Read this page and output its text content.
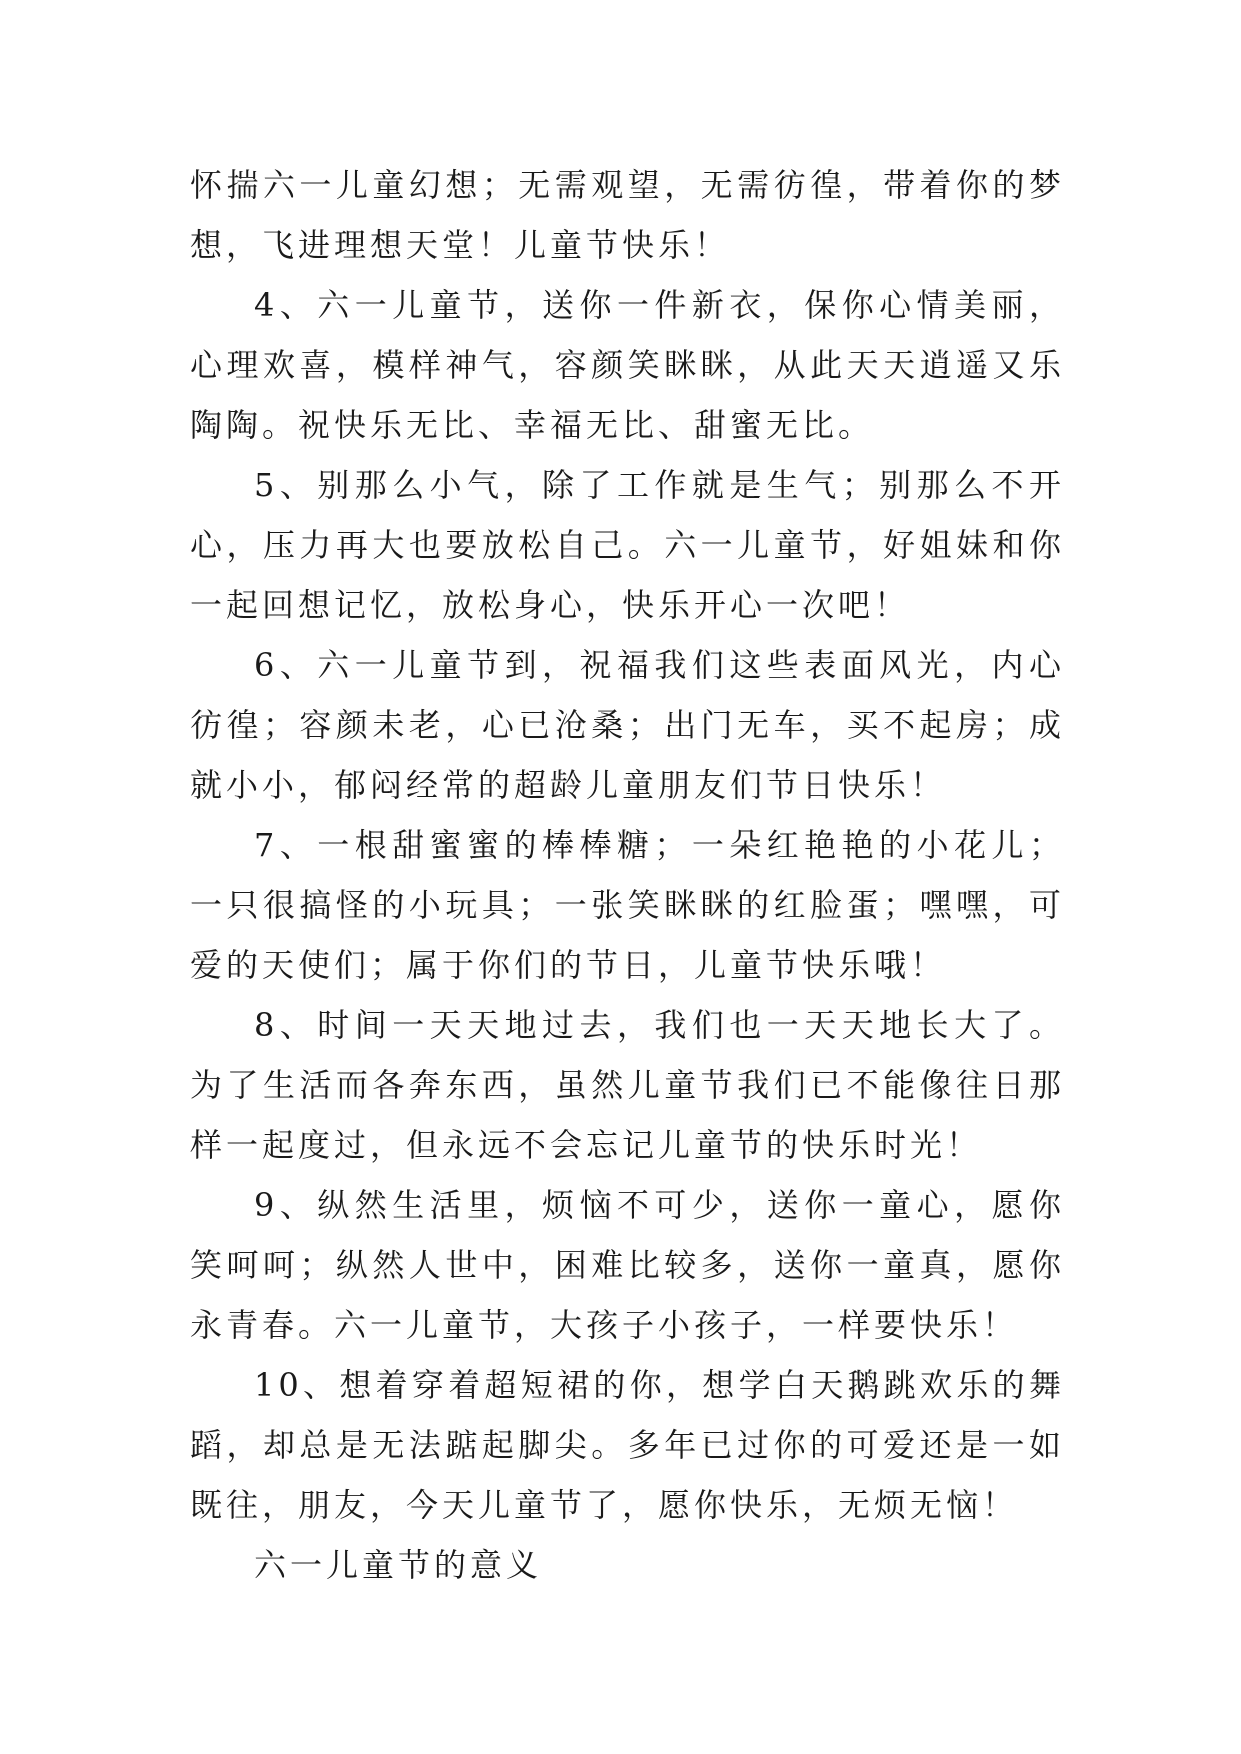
怀揣六一儿童幻想；无需观望，无需彷徨，带着你的梦想，飞进理想天堂！儿童节快乐！

4、六一儿童节，送你一件新衣，保你心情美丽，心理欢喜，模样神气，容颜笑眯眯，从此天天逍遥又乐陶陶。祝快乐无比、幸福无比、甜蜜无比。

5、别那么小气，除了工作就是生气；别那么不开心，压力再大也要放松自己。六一儿童节，好姐妹和你一起回想记忆，放松身心，快乐开心一次吧！

6、六一儿童节到，祝福我们这些表面风光，内心彷徨；容颜未老，心已沧桑；出门无车，买不起房；成就小小，郁闷经常的超龄儿童朋友们节日快乐！

7、一根甜蜜蜜的棒棒糖；一朵红艳艳的小花儿；一只很搞怪的小玩具；一张笑眯眯的红脸蛋；嘿嘿，可爱的天使们；属于你们的节日，儿童节快乐哦！

8、时间一天天地过去，我们也一天天地长大了。为了生活而各奔东西，虽然儿童节我们已不能像往日那样一起度过，但永远不会忘记儿童节的快乐时光！

9、纵然生活里，烦恼不可少，送你一童心，愿你笑呵呵；纵然人世中，困难比较多，送你一童真，愿你永青春。六一儿童节，大孩子小孩子，一样要快乐！

10、想着穿着超短裙的你，想学白天鹅跳欢乐的舞蹈，却总是无法踮起脚尖。多年已过你的可爱还是一如既往，朋友，今天儿童节了，愿你快乐，无烦无恼！

六一儿童节的意义
